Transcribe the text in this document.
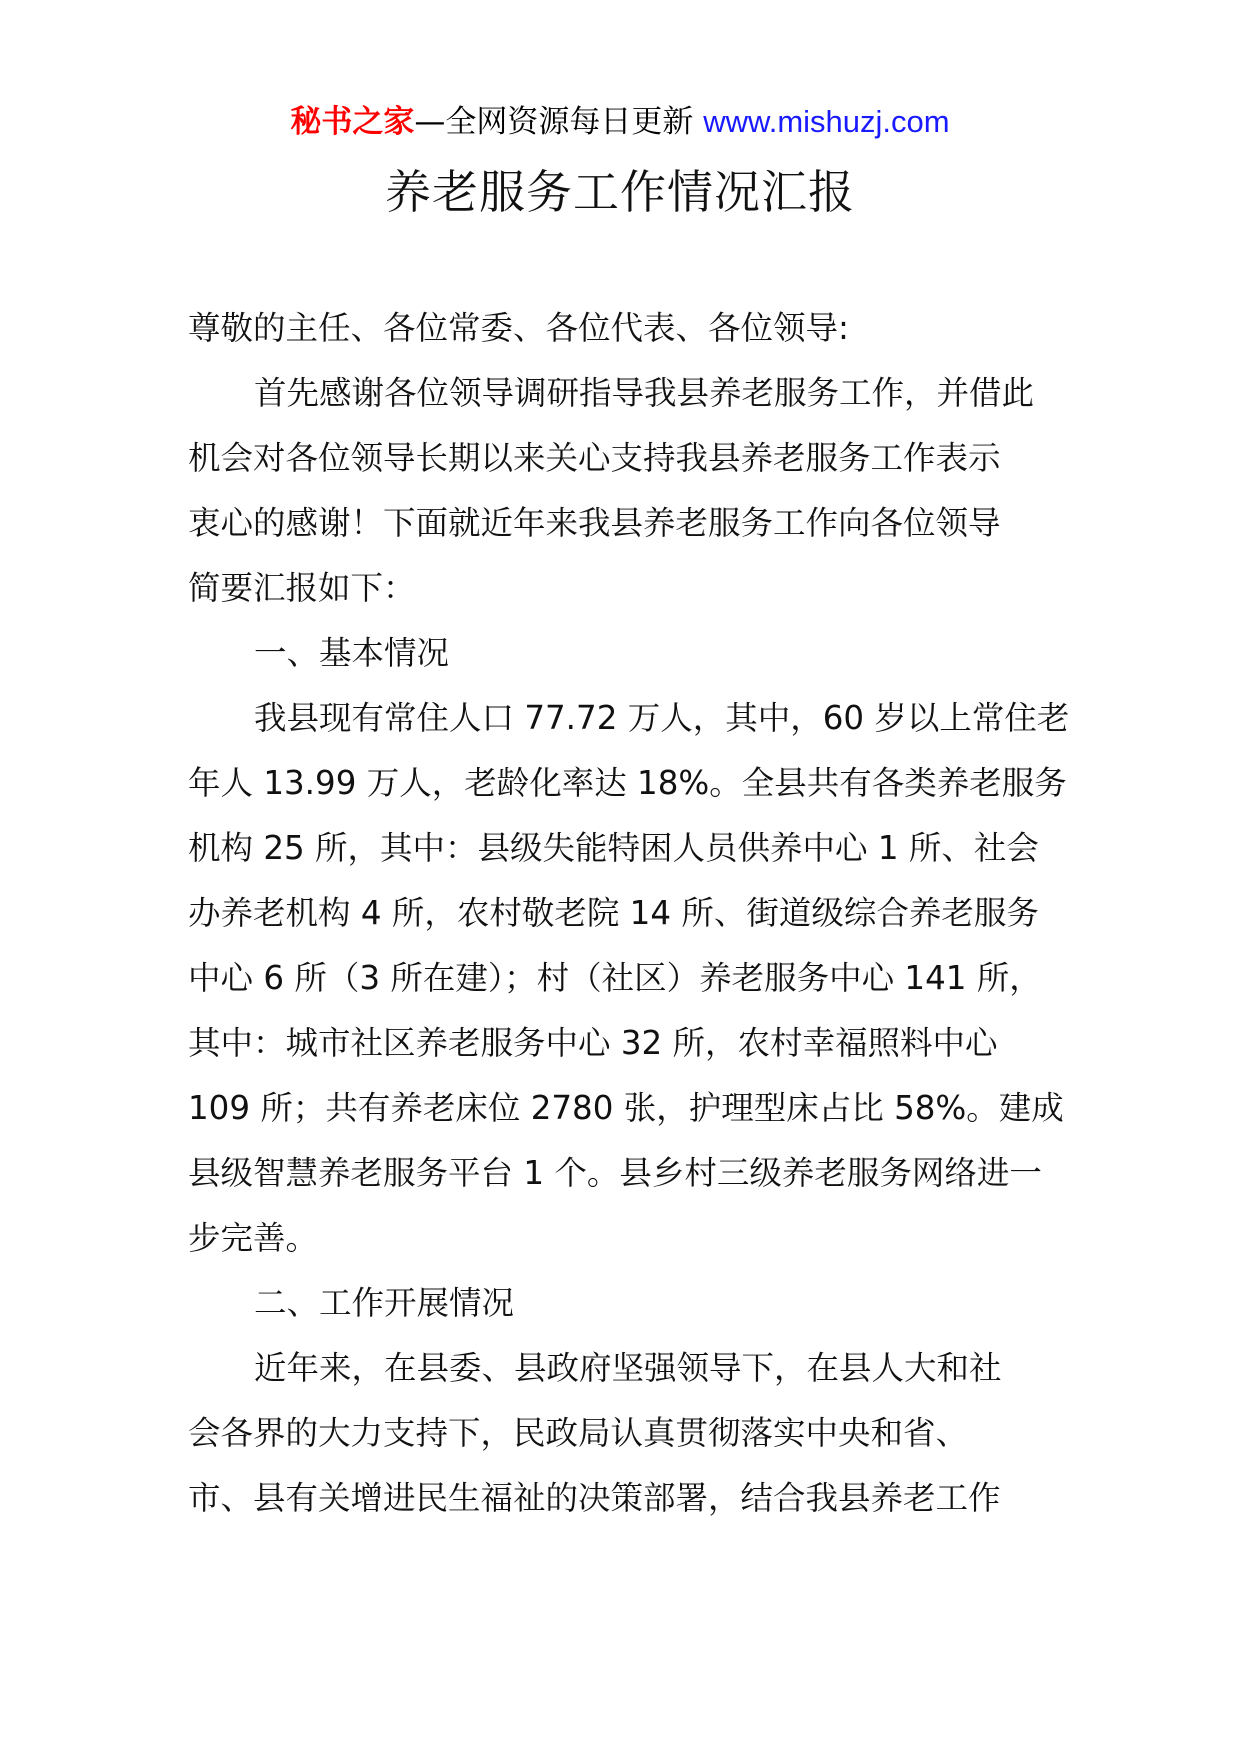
秘书之家—全网资源每日更新 www.mishuzj.com
养老服务工作情况汇报
尊敬的主任、各位常委、各位代表、各位领导:
首先感谢各位领导调研指导我县养老服务工作，并借此
机会对各位领导长期以来关心支持我县养老服务工作表示
衷心的感谢！下面就近年来我县养老服务工作向各位领导
简要汇报如下：
一、基本情况
我县现有常住人口 77.72 万人，其中，60 岁以上常住老
年人 13.99 万人，老龄化率达 18%。全县共有各类养老服务
机构 25 所，其中：县级失能特困人员供养中心 1 所、社会
办养老机构 4 所，农村敬老院 14 所、街道级综合养老服务
中心 6 所（3 所在建）；村（社区）养老服务中心 141 所，
其中：城市社区养老服务中心 32 所，农村幸福照料中心
109 所；共有养老床位 2780 张，护理型床占比 58%。建成
县级智慧养老服务平台 1 个。县乡村三级养老服务网络进一
步完善。
二、工作开展情况
近年来，在县委、县政府坚强领导下，在县人大和社
会各界的大力支持下，民政局认真贯彻落实中央和省、
市、县有关增进民生福祉的决策部署，结合我县养老工作
